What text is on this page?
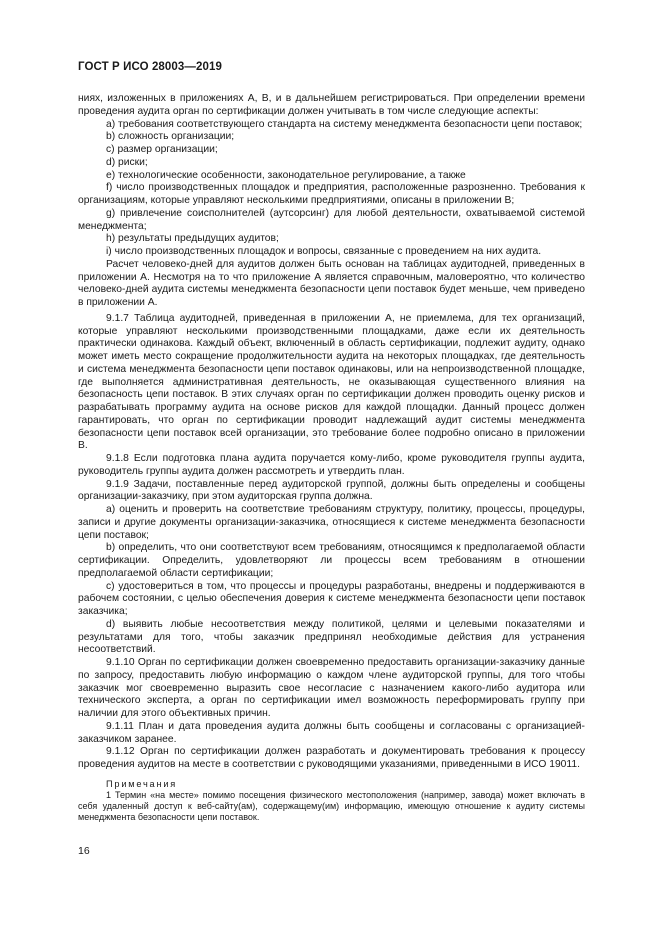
ГОСТ Р ИСО 28003—2019

ниях, изложенных в приложениях А, В, и в дальнейшем регистрироваться. При определении времени проведения аудита орган по сертификации должен учитывать в том числе следующие аспекты:

a) требования соответствующего стандарта на систему менеджмента безопасности цепи поставок;

b) сложность организации;

c) размер организации;

d) риски;

e) технологические особенности, законодательное регулирование, а также

f) число производственных площадок и предприятия, расположенные разрозненно. Требования к организациям, которые управляют несколькими предприятиями, описаны в приложении В;

g) привлечение соисполнителей (аутсорсинг) для любой деятельности, охватываемой системой менеджмента;

h) результаты предыдущих аудитов;

i) число производственных площадок и вопросы, связанные с проведением на них аудита.

Расчет человеко-дней для аудитов должен быть основан на таблицах аудитодней, приведенных в приложении А. Несмотря на то что приложение А является справочным, маловероятно, что количество человеко-дней аудита системы менеджмента безопасности цепи поставок будет меньше, чем приведено в приложении А.

9.1.7 Таблица аудитодней, приведенная в приложении А, не приемлема, для тех организаций, которые управляют несколькими производственными площадками, даже если их деятельность практически одинакова. Каждый объект, включенный в область сертификации, подлежит аудиту, однако может иметь место сокращение продолжительности аудита на некоторых площадках, где деятельность и система менеджмента безопасности цепи поставок одинаковы, или на непроизводственной площадке, где выполняется административная деятельность, не оказывающая существенного влияния на безопасность цепи поставок. В этих случаях орган по сертификации должен проводить оценку рисков и разрабатывать программу аудита на основе рисков для каждой площадки. Данный процесс должен гарантировать, что орган по сертификации проводит надлежащий аудит системы менеджмента безопасности цепи поставок всей организации, это требование более подробно описано в приложении В.

9.1.8 Если подготовка плана аудита поручается кому-либо, кроме руководителя группы аудита, руководитель группы аудита должен рассмотреть и утвердить план.

9.1.9 Задачи, поставленные перед аудиторской группой, должны быть определены и сообщены организации-заказчику, при этом аудиторская группа должна.

a) оценить и проверить на соответствие требованиям структуру, политику, процессы, процедуры, записи и другие документы организации-заказчика, относящиеся к системе менеджмента безопасности цепи поставок;

b) определить, что они соответствуют всем требованиям, относящимся к предполагаемой области сертификации. Определить, удовлетворяют ли процессы всем требованиям в отношении предполагаемой области сертификации;

c) удостовериться в том, что процессы и процедуры разработаны, внедрены и поддерживаются в рабочем состоянии, с целью обеспечения доверия к системе менеджмента безопасности цепи поставок заказчика;

d) выявить любые несоответствия между политикой, целями и целевыми показателями и результатами для того, чтобы заказчик предпринял необходимые действия для устранения несоответствий.

9.1.10 Орган по сертификации должен своевременно предоставить организации-заказчику данные по запросу, предоставить любую информацию о каждом члене аудиторской группы, для того чтобы заказчик мог своевременно выразить свое несогласие с назначением какого-либо аудитора или технического эксперта, а орган по сертификации имел возможность переформировать группу при наличии для этого объективных причин.

9.1.11 План и дата проведения аудита должны быть сообщены и согласованы с организацией-заказчиком заранее.

9.1.12 Орган по сертификации должен разработать и документировать требования к процессу проведения аудитов на месте в соответствии с руководящими указаниями, приведенными в ИСО 19011.

Примечания

1 Термин «на месте» помимо посещения физического местоположения (например, завода) может включать в себя удаленный доступ к веб-сайту(ам), содержащему(им) информацию, имеющую отношение к аудиту системы менеджмента безопасности цепи поставок.

16
